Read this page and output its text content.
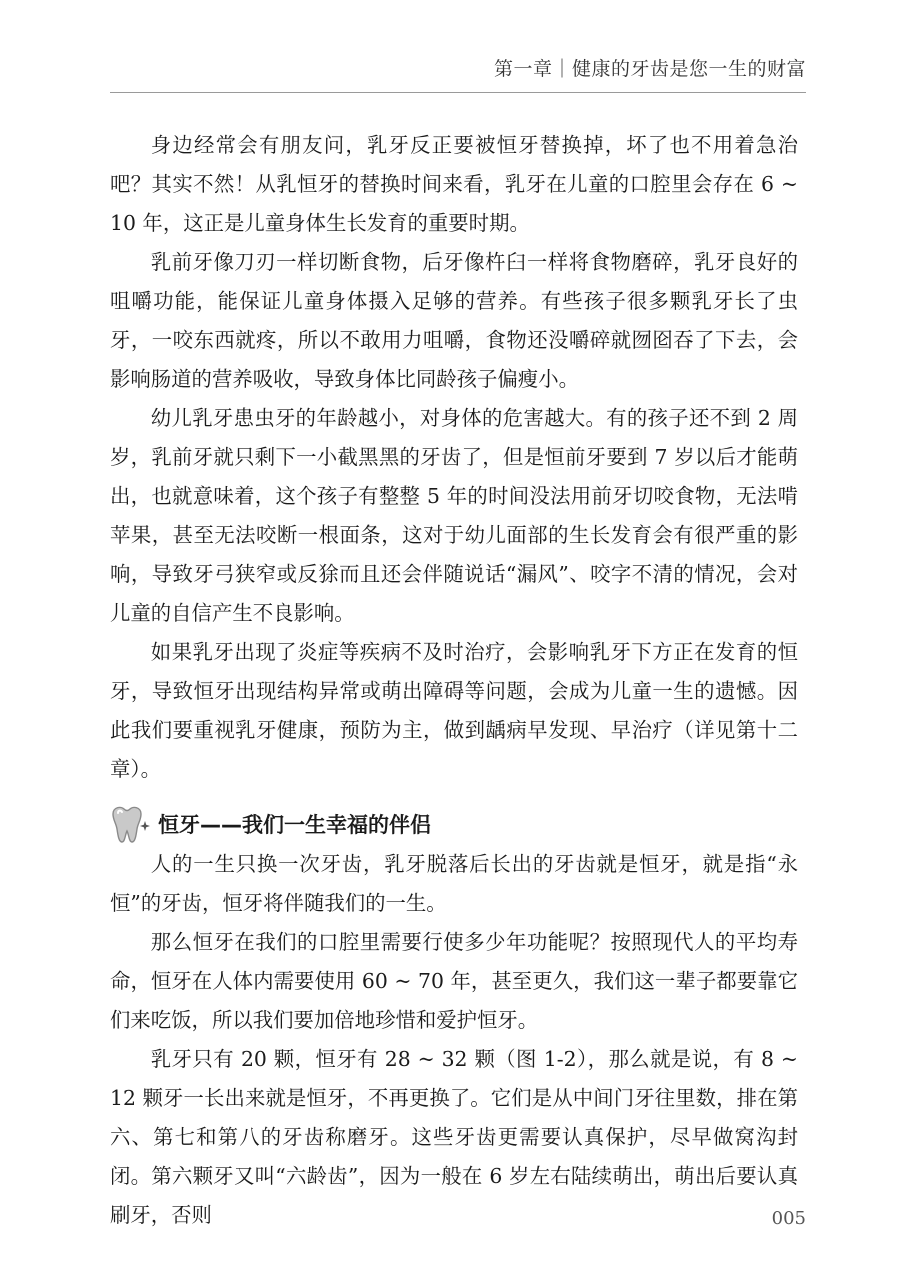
第一章｜健康的牙齿是您一生的财富

身边经常会有朋友问，乳牙反正要被恒牙替换掉，坏了也不用着急治吧？其实不然！从乳恒牙的替换时间来看，乳牙在儿童的口腔里会存在 6 ~ 10 年，这正是儿童身体生长发育的重要时期。

乳前牙像刀刃一样切断食物，后牙像杵臼一样将食物磨碎，乳牙良好的咀嚼功能，能保证儿童身体摄入足够的营养。有些孩子很多颗乳牙长了虫牙，一咬东西就疼，所以不敢用力咀嚼，食物还没嚼碎就囫囵吞了下去，会影响肠道的营养吸收，导致身体比同龄孩子偏瘦小。

幼儿乳牙患虫牙的年龄越小，对身体的危害越大。有的孩子还不到 2 周岁，乳前牙就只剩下一小截黑黑的牙齿了，但是恒前牙要到 7 岁以后才能萌出，也就意味着，这个孩子有整整 5 年的时间没法用前牙切咬食物，无法啃苹果，甚至无法咬断一根面条，这对于幼儿面部的生长发育会有很严重的影响，导致牙弓狭窄或反狳而且还会伴随说话“漏风”、咬字不清的情况，会对儿童的自信产生不良影响。

如果乳牙出现了炎症等疾病不及时治疗，会影响乳牙下方正在发育的恒牙，导致恒牙出现结构异常或萌出障碍等问题，会成为儿童一生的遗憾。因此我们要重视乳牙健康，预防为主，做到龋病早发现、早治疗（详见第十二章）。

恒牙——我们一生幸福的伴侣

人的一生只换一次牙齿，乳牙脱落后长出的牙齿就是恒牙，就是指“永恒”的牙齿，恒牙将伴随我们的一生。

那么恒牙在我们的口腔里需要行使多少年功能呢？按照现代人的平均寿命，恒牙在人体内需要使用 60 ~ 70 年，甚至更久，我们这一辈子都要靠它们来吃饭，所以我们要加倍地珍惜和爱护恒牙。

乳牙只有 20 颗，恒牙有 28 ~ 32 颗（图 1-2），那么就是说，有 8 ~ 12 颗牙一长出来就是恒牙，不再更换了。它们是从中间门牙往里数，排在第六、第七和第八的牙齿称磨牙。这些牙齿更需要认真保护，尽早做窝沟封闭。第六颗牙又叫“六龄齿”，因为一般在 6 岁左右陆续萌出，萌出后要认真刷牙，否则	005
